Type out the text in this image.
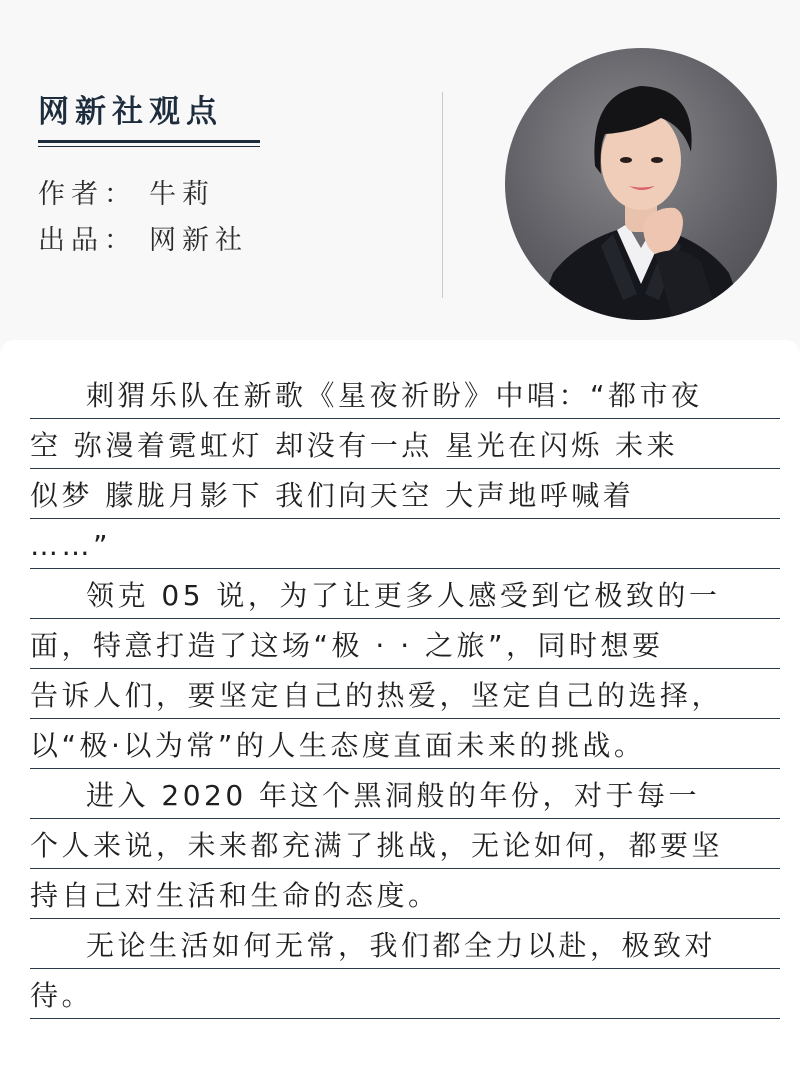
网新社观点

作者： 牛莉

出品： 网新社

刺猬乐队在新歌《星夜祈盼》中唱：“都市夜
空 弥漫着霓虹灯 却没有一点 星光在闪烁 未来
似梦 朦胧月影下 我们向天空 大声地呼喊着
……”
领克 05 说，为了让更多人感受到它极致的一
面，特意打造了这场“极 · · 之旅”，同时想要
告诉人们，要坚定自己的热爱，坚定自己的选择，
以“极·以为常”的人生态度直面未来的挑战。
进入 2020 年这个黑洞般的年份，对于每一
个人来说，未来都充满了挑战，无论如何，都要坚
持自己对生活和生命的态度。
无论生活如何无常，我们都全力以赴，极致对
待。
